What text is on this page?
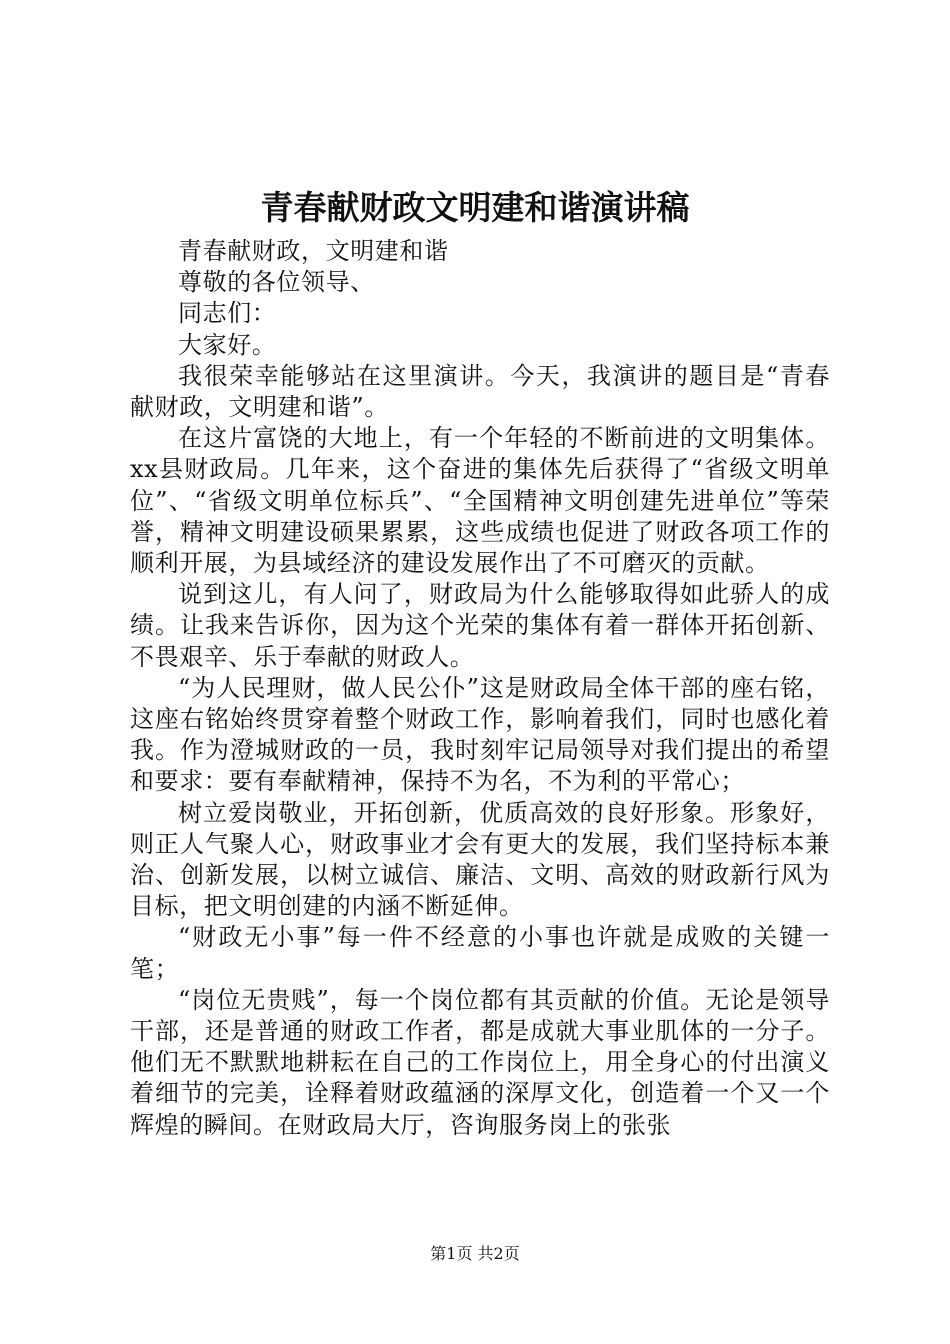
青春献财政文明建和谐演讲稿

青春献财政，文明建和谐

尊敬的各位领导、

同志们：

大家好。

我很荣幸能够站在这里演讲。今天，我演讲的题目是“青春献财政，文明建和谐”。

在这片富饶的大地上，有一个年轻的不断前进的文明集体。xx县财政局。几年来，这个奋进的集体先后获得了“省级文明单位”、“省级文明单位标兵”、“全国精神文明创建先进单位”等荣誉，精神文明建设硕果累累，这些成绩也促进了财政各项工作的顺利开展，为县域经济的建设发展作出了不可磨灭的贡献。

说到这儿，有人问了，财政局为什么能够取得如此骄人的成绩。让我来告诉你，因为这个光荣的集体有着一群体开拓创新、不畏艰辛、乐于奉献的财政人。

“为人民理财，做人民公仆”这是财政局全体干部的座右铭，这座右铭始终贯穿着整个财政工作，影响着我们，同时也感化着我。作为澄城财政的一员，我时刻牢记局领导对我们提出的希望和要求：要有奉献精神，保持不为名，不为利的平常心；

树立爱岗敬业，开拓创新，优质高效的良好形象。形象好，则正人气聚人心，财政事业才会有更大的发展，我们坚持标本兼治、创新发展，以树立诚信、廉洁、文明、高效的财政新行风为目标，把文明创建的内涵不断延伸。

“财政无小事”每一件不经意的小事也许就是成败的关键一笔；

“岗位无贵贱”，每一个岗位都有其贡献的价值。无论是领导干部，还是普通的财政工作者，都是成就大事业肌体的一分子。他们无不默默地耕耘在自己的工作岗位上，用全身心的付出演义着细节的完美，诠释着财政蕴涵的深厚文化，创造着一个又一个辉煌的瞬间。在财政局大厅，咨询服务岗上的张张

第1页 共2页
